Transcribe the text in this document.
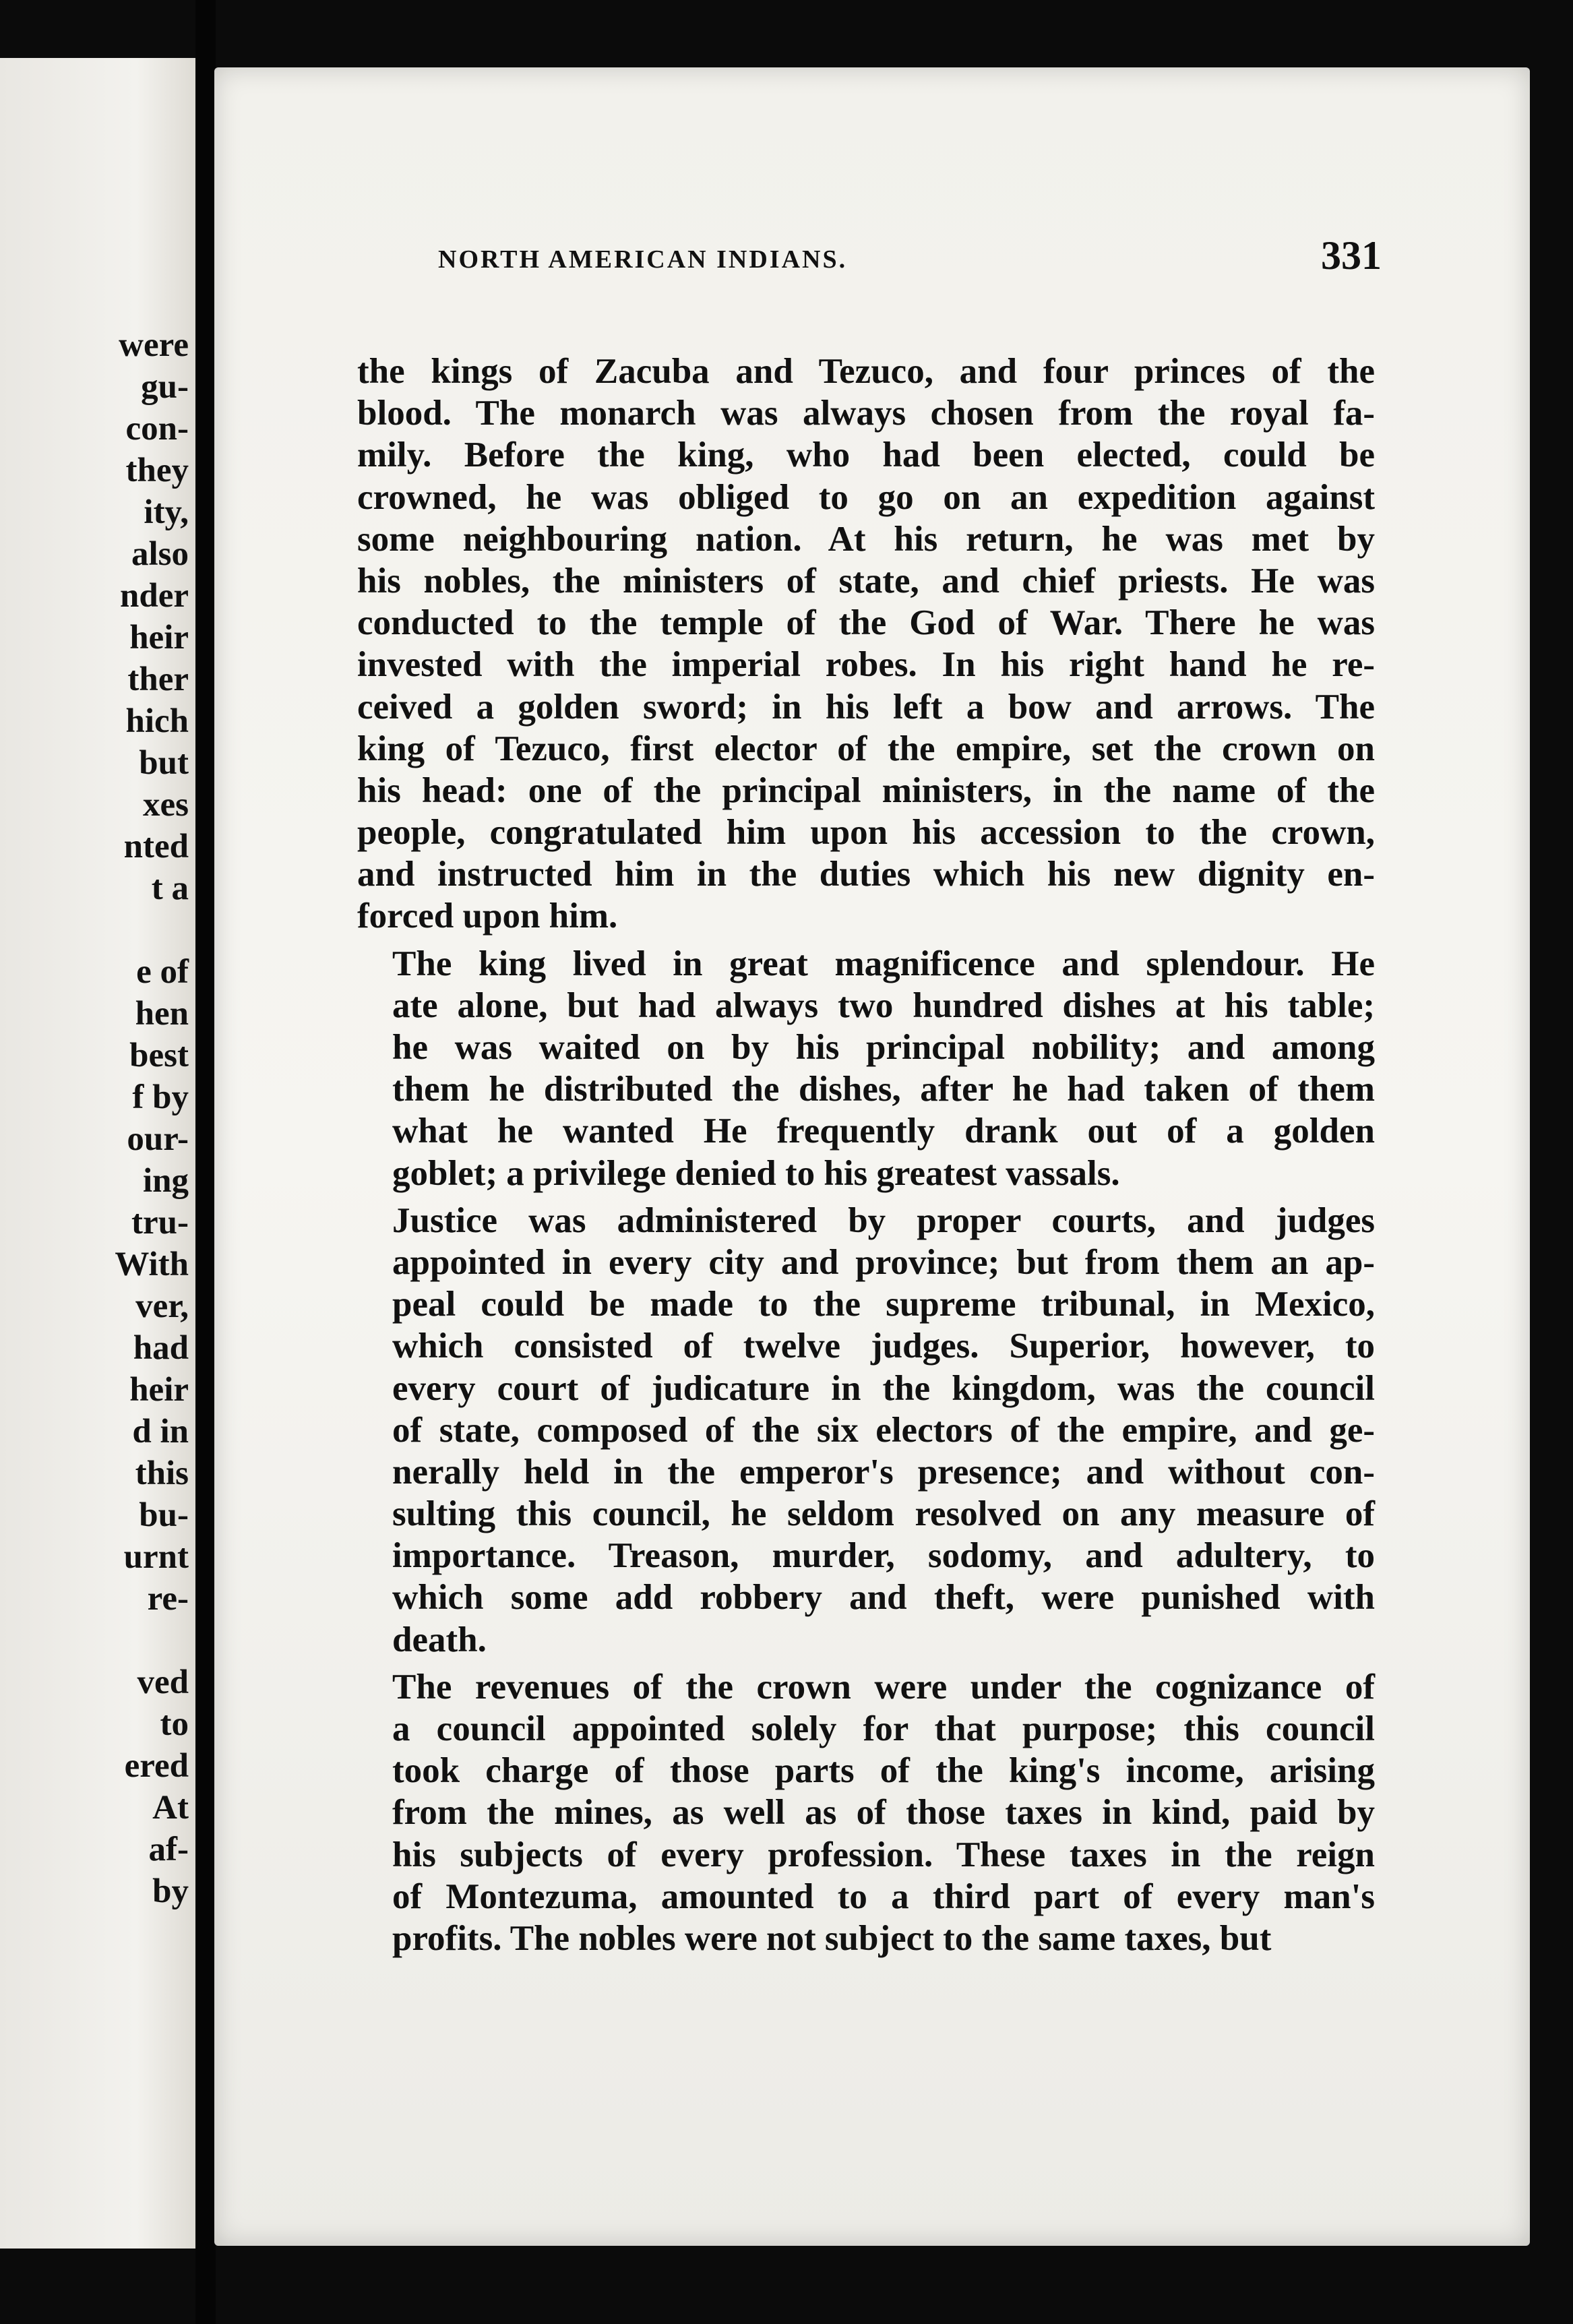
were
gu-
con-
they
ity,
also
nder
heir
ther
hich
but
xes
nted
t a
e of
hen
best
f by
our-
ing
tru-
With
ver,
had
heir
d in
this
bu-
urnt
re-
ved
to
ered
At
af-
by
NORTH AMERICAN INDIANS.	331

the kings of Zacuba and Tezuco, and four princes of the
blood. The monarch was always chosen from the royal fa-
mily. Before the king, who had been elected, could be
crowned, he was obliged to go on an expedition against
some neighbouring nation. At his return, he was met by
his nobles, the ministers of state, and chief priests. He was
conducted to the temple of the God of War. There he was
invested with the imperial robes. In his right hand he re-
ceived a golden sword; in his left a bow and arrows. The
king of Tezuco, first elector of the empire, set the crown on
his head: one of the principal ministers, in the name of the
people, congratulated him upon his accession to the crown,
and instructed him in the duties which his new dignity en-
forced upon him.

The king lived in great magnificence and splendour. He
ate alone, but had always two hundred dishes at his table;
he was waited on by his principal nobility; and among
them he distributed the dishes, after he had taken of them
what he wanted He frequently drank out of a golden
goblet; a privilege denied to his greatest vassals.

Justice was administered by proper courts, and judges
appointed in every city and province; but from them an ap-
peal could be made to the supreme tribunal, in Mexico,
which consisted of twelve judges. Superior, however, to
every court of judicature in the kingdom, was the council
of state, composed of the six electors of the empire, and ge-
nerally held in the emperor's presence; and without con-
sulting this council, he seldom resolved on any measure of
importance. Treason, murder, sodomy, and adultery, to
which some add robbery and theft, were punished with
death.

The revenues of the crown were under the cognizance of
a council appointed solely for that purpose; this council
took charge of those parts of the king's income, arising
from the mines, as well as of those taxes in kind, paid by
his subjects of every profession. These taxes in the reign
of Montezuma, amounted to a third part of every man's
profits. The nobles were not subject to the same taxes, but
